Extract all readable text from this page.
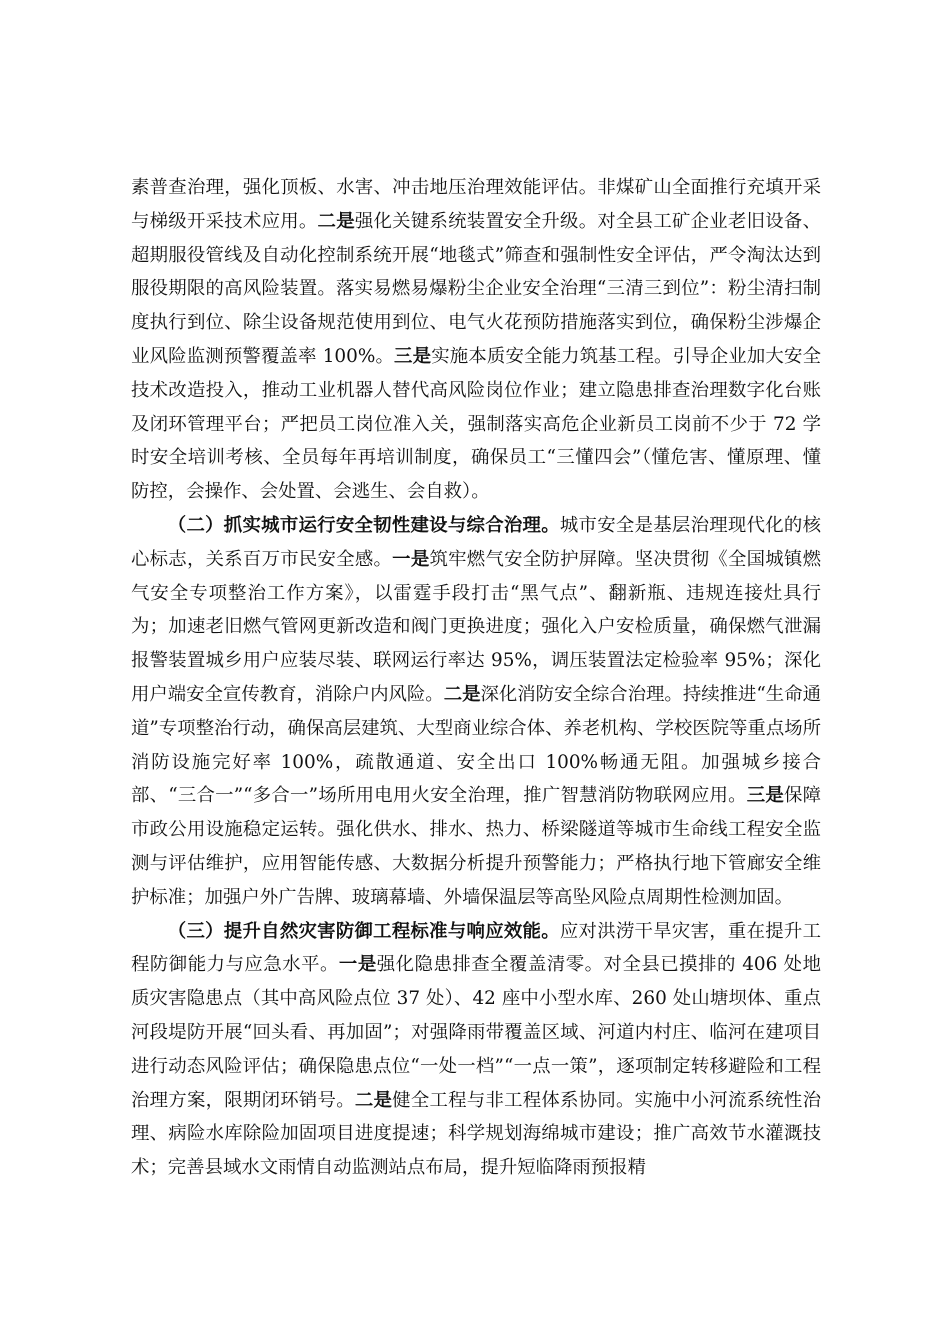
素普查治理，强化顶板、水害、冲击地压治理效能评估。非煤矿山全面推行充填开采与梯级开采技术应用。二是强化关键系统装置安全升级。对全县工矿企业老旧设备、超期服役管线及自动化控制系统开展“地毯式”筛查和强制性安全评估，严令淘汰达到服役期限的高风险装置。落实易燃易爆粉尘企业安全治理“三清三到位”：粉尘清扫制度执行到位、除尘设备规范使用到位、电气火花预防措施落实到位，确保粉尘涉爆企业风险监测预警覆盖率 100%。三是实施本质安全能力筑基工程。引导企业加大安全技术改造投入，推动工业机器人替代高风险岗位作业；建立隐患排查治理数字化台账及闭环管理平台；严把员工岗位准入关，强制落实高危企业新员工岗前不少于 72 学时安全培训考核、全员每年再培训制度，确保员工“三懂四会”（懂危害、懂原理、懂防控，会操作、会处置、会逃生、会自救）。

（二）抓实城市运行安全韧性建设与综合治理。城市安全是基层治理现代化的核心标志，关系百万市民安全感。一是筑牢燃气安全防护屏障。坚决贯彻《全国城镇燃气安全专项整治工作方案》，以雷霆手段打击“黑气点”、翻新瓶、违规连接灶具行为；加速老旧燃气管网更新改造和阀门更换进度；强化入户安检质量，确保燃气泄漏报警装置城乡用户应装尽装、联网运行率达 95%，调压装置法定检验率 95%；深化用户端安全宣传教育，消除户内风险。二是深化消防安全综合治理。持续推进“生命通道”专项整治行动，确保高层建筑、大型商业综合体、养老机构、学校医院等重点场所消防设施完好率 100%，疏散通道、安全出口 100%畅通无阻。加强城乡接合部、“三合一”“多合一”场所用电用火安全治理，推广智慧消防物联网应用。三是保障市政公用设施稳定运转。强化供水、排水、热力、桥梁隧道等城市生命线工程安全监测与评估维护，应用智能传感、大数据分析提升预警能力；严格执行地下管廊安全维护标准；加强户外广告牌、玻璃幕墙、外墙保温层等高坠风险点周期性检测加固。

（三）提升自然灾害防御工程标准与响应效能。应对洪涝干旱灾害，重在提升工程防御能力与应急水平。一是强化隐患排查全覆盖清零。对全县已摸排的 406 处地质灾害隐患点（其中高风险点位 37 处）、42 座中小型水库、260 处山塘坝体、重点河段堤防开展“回头看、再加固”；对强降雨带覆盖区域、河道内村庄、临河在建项目进行动态风险评估；确保隐患点位“一处一档”“一点一策”，逐项制定转移避险和工程治理方案，限期闭环销号。二是健全工程与非工程体系协同。实施中小河流系统性治理、病险水库除险加固项目进度提速；科学规划海绵城市建设；推广高效节水灌溉技术；完善县域水文雨情自动监测站点布局，提升短临降雨预报精
